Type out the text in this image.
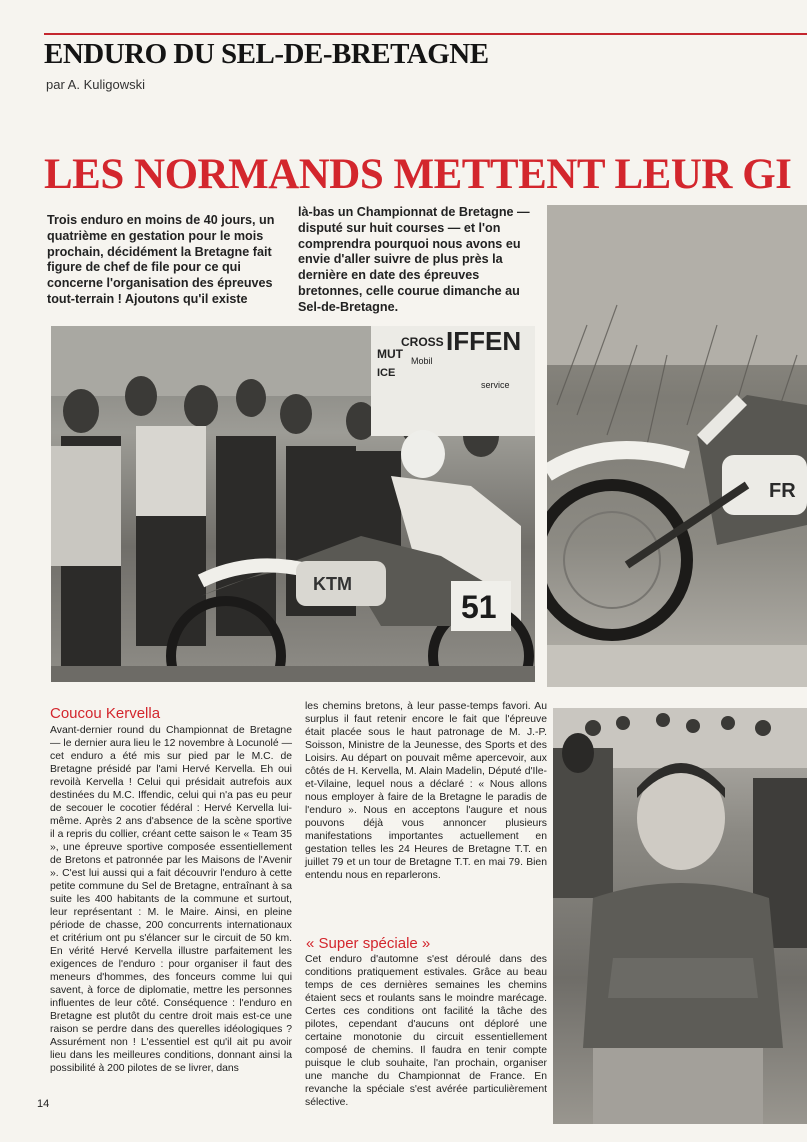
ENDURO DU SEL-DE-BRETAGNE
par A. Kuligowski
LES NORMANDS METTENT LEUR GI
Trois enduro en moins de 40 jours, un quatrième en gestation pour le mois prochain, décidément la Bretagne fait figure de chef de file pour ce qui concerne l'organisation des épreuves tout-terrain ! Ajoutons qu'il existe
là-bas un Championnat de Bretagne — disputé sur huit courses — et l'on comprendra pourquoi nous avons eu envie d'aller suivre de plus près la dernière en date des épreuves bretonnes, celle courue dimanche au Sel-de-Bretagne.
IFFEN
CROSS
MUT
ICE
Mobil
service
KTM
51
FR
Coucou Kervella
Avant-dernier round du Championnat de Bretagne — le dernier aura lieu le 12 novembre à Locunolé — cet enduro a été mis sur pied par le M.C. de Bretagne présidé par l'ami Hervé Kervella. Eh oui revoilà Kervella ! Celui qui présidait autrefois aux destinées du M.C. Iffendic, celui qui n'a pas eu peur de secouer le cocotier fédéral : Hervé Kervella lui-même. Après 2 ans d'absence de la scène sportive il a repris du collier, créant cette saison le « Team 35 », une épreuve sportive composée essentiellement de Bretons et patronnée par les Maisons de l'Avenir ». C'est lui aussi qui a fait découvrir l'enduro à cette petite commune du Sel de Bretagne, entraînant à sa suite les 400 habitants de la commune et surtout, leur représentant : M. le Maire. Ainsi, en pleine période de chasse, 200 concurrents internationaux et critérium ont pu s'élancer sur le circuit de 50 km. En vérité Hervé Kervella illustre parfaitement les exigences de l'enduro : pour organiser il faut des meneurs d'hommes, des fonceurs comme lui qui savent, à force de diplomatie, mettre les personnes influentes de leur côté. Conséquence : l'enduro en Bretagne est plutôt du centre droit mais est-ce une raison se perdre dans des querelles idéologiques ? Assurément non ! L'essentiel est qu'il ait pu avoir lieu dans les meilleures conditions, donnant ainsi la possibilité à 200 pilotes de se livrer, dans
les chemins bretons, à leur passe-temps favori. Au surplus il faut retenir encore le fait que l'épreuve était placée sous le haut patronage de M. J.-P. Soisson, Ministre de la Jeunesse, des Sports et des Loisirs. Au départ on pouvait même apercevoir, aux côtés de H. Kervella, M. Alain Madelin, Député d'Ile-et-Vilaine, lequel nous a déclaré : « Nous allons nous employer à faire de la Bretagne le paradis de l'enduro ». Nous en acceptons l'augure et nous pouvons déjà vous annoncer plusieurs manifestations importantes actuellement en gestation telles les 24 Heures de Bretagne T.T. en juillet 79 et un tour de Bretagne T.T. en mai 79. Bien entendu nous en reparlerons.
« Super spéciale »
Cet enduro d'automne s'est déroulé dans des conditions pratiquement estivales. Grâce au beau temps de ces dernières semaines les chemins étaient secs et roulants sans le moindre marécage. Certes ces conditions ont facilité la tâche des pilotes, cependant d'aucuns ont déploré une certaine monotonie du circuit essentiellement composé de chemins. Il faudra en tenir compte puisque le club souhaite, l'an prochain, organiser une manche du Championnat de France. En revanche la spéciale s'est avérée particulièrement sélective.
14
